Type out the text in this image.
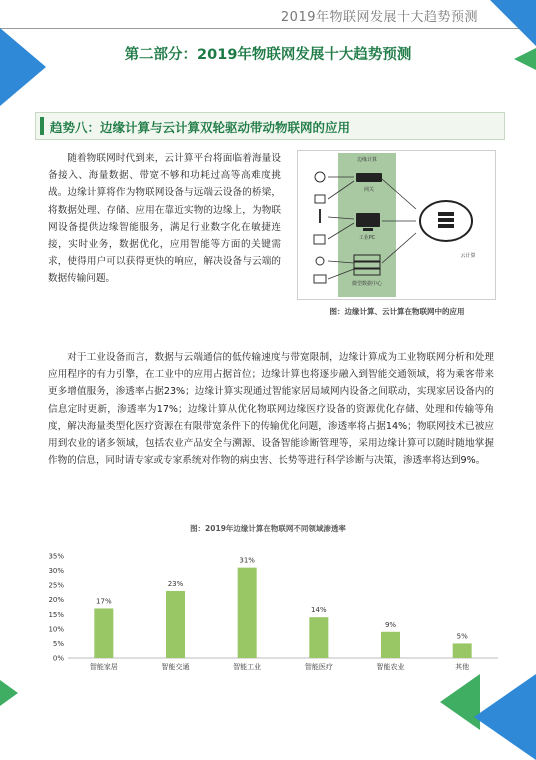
2019年物联网发展十大趋势预测
第二部分：2019年物联网发展十大趋势预测
趋势八：边缘计算与云计算双轮驱动带动物联网的应用

随着物联网时代到来，云计算平台将面临着海量设备接入、海量数据、带宽不够和功耗过高等高难度挑战。边缘计算将作为物联网设备与远端云设备的桥梁，将数据处理、存储、应用在靠近实物的边缘上，为物联网设备提供边缘智能服务，满足行业数字化在敏捷连接，实时业务，数据优化，应用智能等方面的关键需求，使得用户可以获得更快的响应，解决设备与云端的数据传输问题。

边缘计算
网关
工业PC
微型数据中心
云计算
图：边缘计算、云计算在物联网中的应用

对于工业设备而言，数据与云端通信的低传输速度与带宽限制，边缘计算成为工业物联网分析和处理应用程序的有力引擎，在工业中的应用占据首位；边缘计算也将逐步融入到智能交通领域，将为乘客带来更多增值服务，渗透率占据23%；边缘计算实现通过智能家居局域网内设备之间联动，实现家居设备内的信息定时更新，渗透率为17%；边缘计算从优化物联网边缘医疗设备的资源优化存储、处理和传输等角度，解决海量类型化医疗资源在有限带宽条件下的传输优化问题，渗透率将占据14%；物联网技术已被应用到农业的诸多领域，包括农业产品安全与溯源、设备智能诊断管理等，采用边缘计算可以随时随地掌握作物的信息，同时请专家或专家系统对作物的病虫害、长势等进行科学诊断与决策，渗透率将达到9%。

图：2019年边缘计算在物联网不同领域渗透率
0%
5%
10%
15%
20%
25%
30%
35%
17%
智能家居
23%
智能交通
31%
智能工业
14%
智能医疗
9%
智能农业
5%
其他
